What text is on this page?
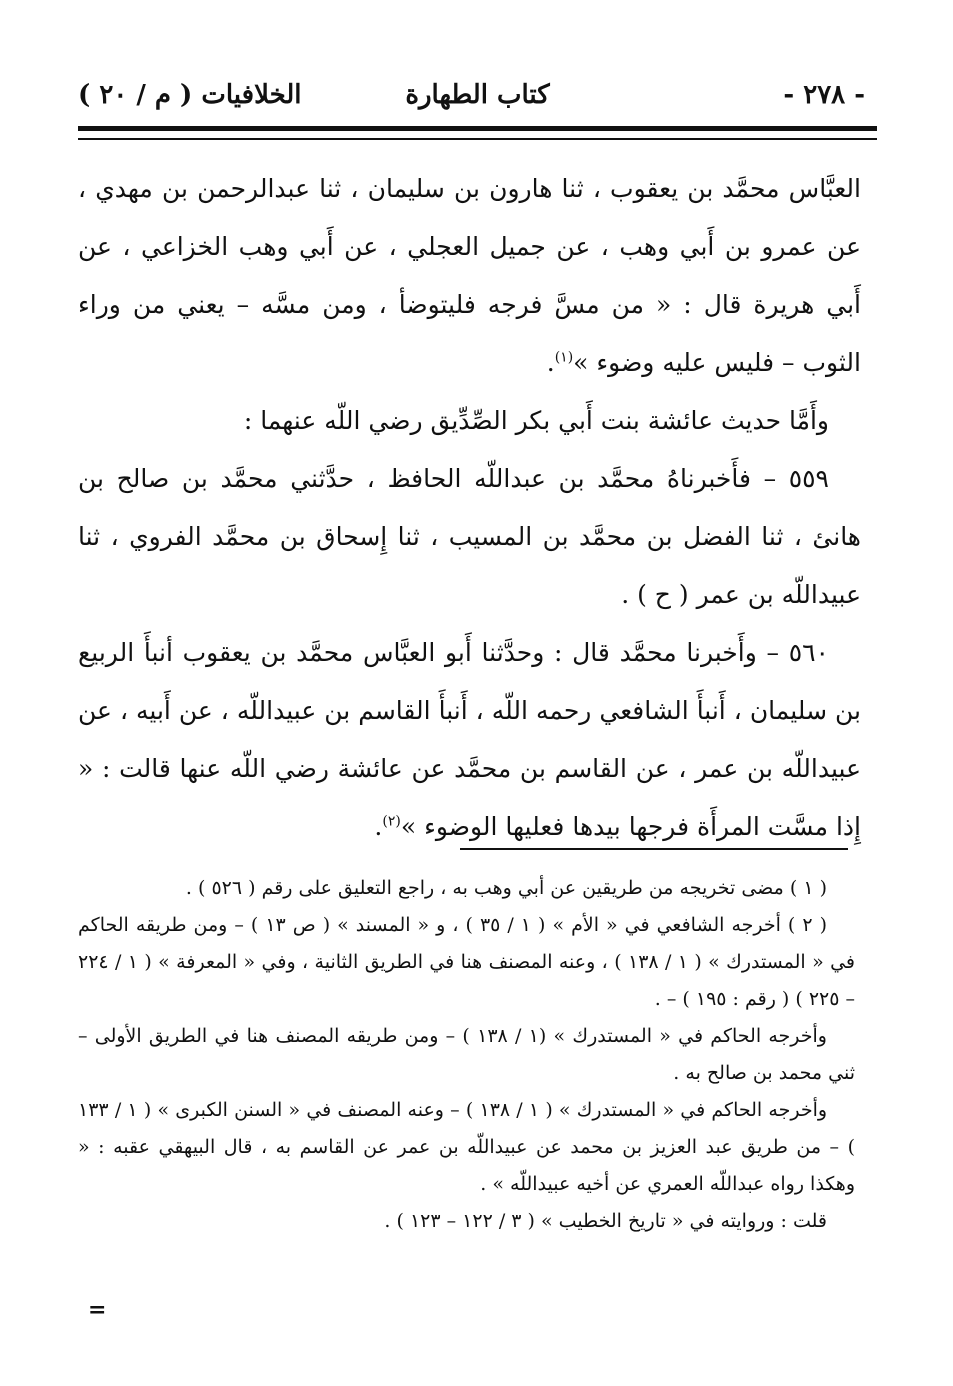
- ٢٧٨ -
كتاب الطهارة
الخلافيات ( م / ٢٠ )

العبَّاس محمَّد بن يعقوب ، ثنا هارون بن سليمان ، ثنا عبدالرحمن بن مهدي ، عن عمرو بن أَبي وهب ، عن جميل العجلي ، عن أَبي وهب الخزاعي ، عن أَبي هريرة قال : « من مسَّ فرجه فليتوضأ ، ومن مسَّه – يعني من وراء الثوب – فليس عليه وضوء »$^{(١)}$.

وأَمَّا حديث عائشة بنت أَبي بكر الصِّدِّيق رضي اللّه عنهما :

٥٥٩ – فأَخبرناهُ محمَّد بن عبداللّه الحافظ ، حدَّثني محمَّد بن صالح بن هانئ ، ثنا الفضل بن محمَّد بن المسيب ، ثنا إِسحاق بن محمَّد الفروي ، ثنا عبيداللّه بن عمر ( ح ) .

٥٦٠ – وأَخبرنا محمَّد قال : وحدَّثنا أَبو العبَّاس محمَّد بن يعقوب أنبأَ الربيع بن سليمان ، أَنبأَ الشافعي رحمه اللّه ، أَنبأَ القاسم بن عبيداللّه ، عن أَبيه ، عن عبيداللّه بن عمر ، عن القاسم بن محمَّد عن عائشة رضي اللّه عنها قالت : « إِذا مسَّت المرأَة فرجها بيدها فعليها الوضوء »$^{(٢)}$.

( ١ ) مضى تخريجه من طريقين عن أبي وهب به ، راجع التعليق على رقم ( ٥٢٦ ) .

( ٢ ) أخرجه الشافعي في « الأم » ( ١ / ٣٥ ) ، و « المسند » ( ص ١٣ ) – ومن طريقه الحاكم في « المستدرك » ( ١ / ١٣٨ ) ، وعنه المصنف هنا في الطريق الثانية ، وفي « المعرفة » ( ١ / ٢٢٤ – ٢٢٥ ) ( رقم : ١٩٥ ) – .

وأخرجه الحاكم في « المستدرك » (١ / ١٣٨ ) – ومن طريقه المصنف هنا في الطريق الأولى – ثني محمد بن صالح به .

وأخرجه الحاكم في « المستدرك » ( ١ / ١٣٨ ) – وعنه المصنف في « السنن الكبرى » ( ١ / ١٣٣ ) – من طريق عبد العزيز بن محمد عن عبيداللّه بن عمر عن القاسم به ، قال البيهقي عقبه : « وهكذا رواه عبداللّه العمري عن أخيه عبيداللّه » .

قلت : وروايته في « تاريخ الخطيب » ( ٣ / ١٢٢ – ١٢٣ ) .

=
